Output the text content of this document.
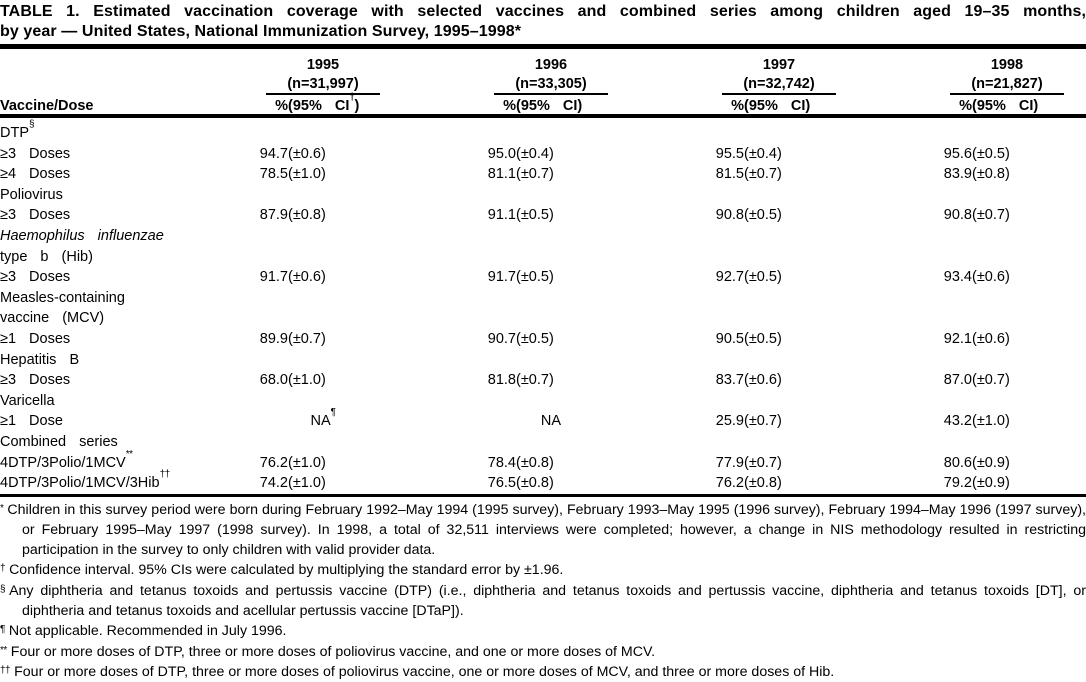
TABLE 1. Estimated vaccination coverage with selected vaccines and combined series among children aged 19–35 months,
by year — United States, National Immunization Survey, 1995–1998*

	1995		1996		1997		1998	

	(n=31,997)		(n=33,305)		(n=32,742)		(n=21,827)	

Vaccine/Dose	%	(95% CI†)	%	(95% CI)	%	(95% CI)	%	(95% CI)
DTP§	
≥3 Doses	94.7	(±0.6)	95.0	(±0.4)	95.5	(±0.4)	95.6	(±0.5)
≥4 Doses	78.5	(±1.0)	81.1	(±0.7)	81.5	(±0.7)	83.9	(±0.8)
Poliovirus								
≥3 Doses	87.9	(±0.8)	91.1	(±0.5)	90.8	(±0.5)	90.8	(±0.7)
Haemophilus influenzae								
type b (Hib)								
≥3 Doses	91.7	(±0.6)	91.7	(±0.5)	92.7	(±0.5)	93.4	(±0.6)
Measles-containing								
vaccine (MCV)								
≥1 Doses	89.9	(±0.7)	90.7	(±0.5)	90.5	(±0.5)	92.1	(±0.6)
Hepatitis B								
≥3 Doses	68.0	(±1.0)	81.8	(±0.7)	83.7	(±0.6)	87.0	(±0.7)
Varicella								
≥1 Dose	NA¶		NA		25.9	(±0.7)	43.2	(±1.0)
Combined series								
4DTP/3Polio/1MCV**	76.2	(±1.0)	78.4	(±0.8)	77.9	(±0.7)	80.6	(±0.9)
4DTP/3Polio/1MCV/3Hib††	74.2	(±1.0)	76.5	(±0.8)	76.2	(±0.8)	79.2	(±0.9)
* Children in this survey period were born during February 1992–May 1994 (1995 survey), February 1993–May 1995 (1996 survey), February 1994–May 1996 (1997 survey), or February 1995–May 1997 (1998 survey). In 1998, a total of 32,511 interviews were completed; however, a change in NIS methodology resulted in restricting participation in the survey to only children with valid provider data.
† Confidence interval. 95% CIs were calculated by multiplying the standard error by ±1.96.
§ Any diphtheria and tetanus toxoids and pertussis vaccine (DTP) (i.e., diphtheria and tetanus toxoids and pertussis vaccine, diphtheria and tetanus toxoids [DT], or diphtheria and tetanus toxoids and acellular pertussis vaccine [DTaP]).
¶ Not applicable. Recommended in July 1996.
** Four or more doses of DTP, three or more doses of poliovirus vaccine, and one or more doses of MCV.
†† Four or more doses of DTP, three or more doses of poliovirus vaccine, one or more doses of MCV, and three or more doses of Hib.
